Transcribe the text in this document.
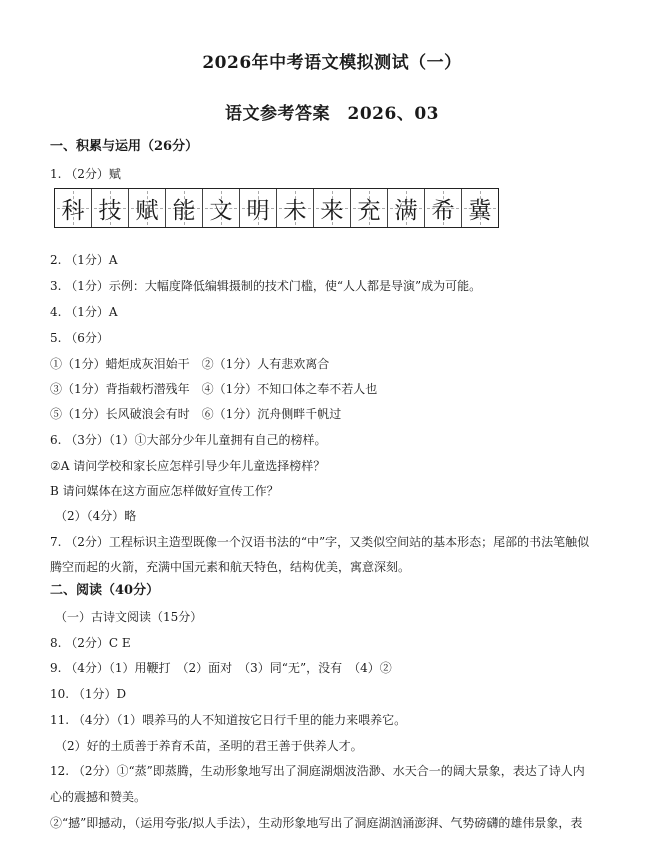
2026年中考语文模拟测试（一）
语文参考答案　2026、03
一、积累与运用（26分）
1. （2分）赋
科 技 赋 能 文 明 未 来 充 满 希 冀
2. （1分）A
3. （1分）示例：大幅度降低编辑摄制的技术门槛，使“人人都是导演”成为可能。
4. （1分）A
5. （6分）
①（1分）蜡炬成灰泪始干　②（1分）人有悲欢离合
③（1分）背指载朽潜残年　④（1分）不知口体之奉不若人也
⑤（1分）长风破浪会有时　⑥（1分）沉舟侧畔千帆过
6. （3分）（1）①大部分少年儿童拥有自己的榜样。
②A 请问学校和家长应怎样引导少年儿童选择榜样？
B 请问媒体在这方面应怎样做好宣传工作？
（2）（4分）略
7. （2分）工程标识主造型既像一个汉语书法的“中”字，又类似空间站的基本形态；尾部的书法笔触似
腾空而起的火箭，充满中国元素和航天特色，结构优美，寓意深刻。
二、阅读（40分）
（一）古诗文阅读（15分）
8. （2分）C E
9. （4分）（1）用鞭打　（2）面对　（3）同“无”，没有　（4）②
10. （1分）D
11. （4分）（1）喂养马的人不知道按它日行千里的能力来喂养它。
（2）好的土质善于养育禾苗，圣明的君王善于供养人才。
12. （2分）①“蒸”即蒸腾，生动形象地写出了洞庭湖烟波浩渺、水天合一的阔大景象，表达了诗人内
心的震撼和赞美。
②“撼”即撼动，（运用夸张/拟人手法），生动形象地写出了洞庭湖汹涌澎湃、气势磅礴的雄伟景象，表
